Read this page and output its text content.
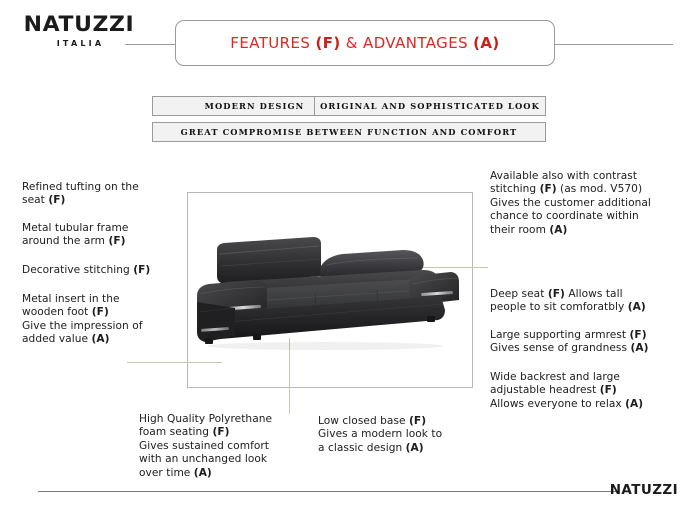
NATUZZI
ITALIA	FEATURES (F) & ADVANTAGES (A)
MODERN DESIGN	ORIGINAL AND SOPHISTICATED LOOK
GREAT COMPROMISE BETWEEN FUNCTION AND COMFORT
Refined tufting on the
seat (F)
Metal tubular frame
around the arm (F)
Decorative stitching (F)
Metal insert in the
wooden foot (F)
Give the impression of
added value (A)
Available also with contrast
stitching (F) (as mod. V570)
Gives the customer additional
chance to coordinate within
their room (A)
Deep seat (F) Allows tall
people to sit comforatbly (A)
Large supporting armrest (F)
Gives sense of grandness (A)
Wide backrest and large
adjustable headrest (F)
Allows everyone to relax (A)
High Quality Polyrethane
foam seating (F)
Gives sustained comfort
with an unchanged look
over time (A)
Low closed base (F)
Gives a modern look to
a classic design (A)
NATUZZI
